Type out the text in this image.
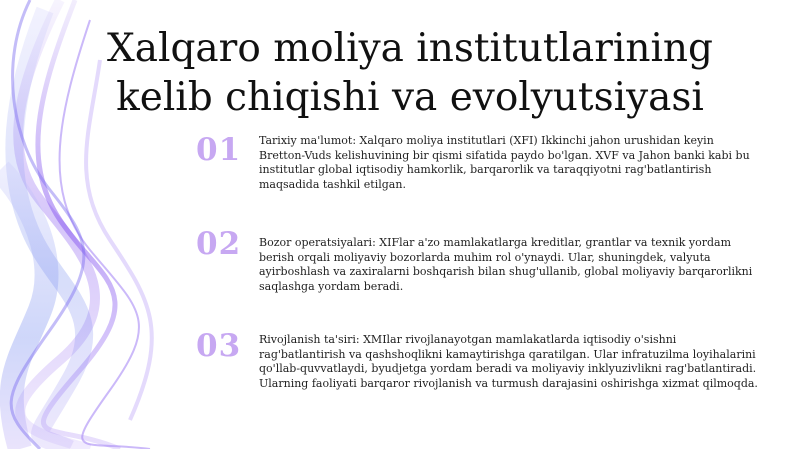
Xalqaro moliya institutlarining
kelib chiqishi va evolyutsiyasi
01	Tarixiy ma'lumot: Xalqaro moliya institutlari (XFI) Ikkinchi jahon urushidan keyin Bretton-Vuds kelishuvining bir qismi sifatida paydo bo'lgan. XVF va Jahon banki kabi bu institutlar global iqtisodiy hamkorlik, barqarorlik va taraqqiyotni rag'batlantirish maqsadida tashkil etilgan.
02	Bozor operatsiyalari: XIFlar a'zo mamlakatlarga kreditlar, grantlar va texnik yordam berish orqali moliyaviy bozorlarda muhim rol o'ynaydi. Ular, shuningdek, valyuta ayirboshlash va zaxiralarni boshqarish bilan shug'ullanib, global moliyaviy barqarorlikni saqlashga yordam beradi.
03	Rivojlanish ta'siri: XMIlar rivojlanayotgan mamlakatlarda iqtisodiy o'sishni rag'batlantirish va qashshoqlikni kamaytirishga qaratilgan. Ular infratuzilma loyihalarini qo'llab-quvvatlaydi, byudjetga yordam beradi va moliyaviy inklyuzivlikni rag'batlantiradi. Ularning faoliyati barqaror rivojlanish va turmush darajasini oshirishga xizmat qilmoqda.
